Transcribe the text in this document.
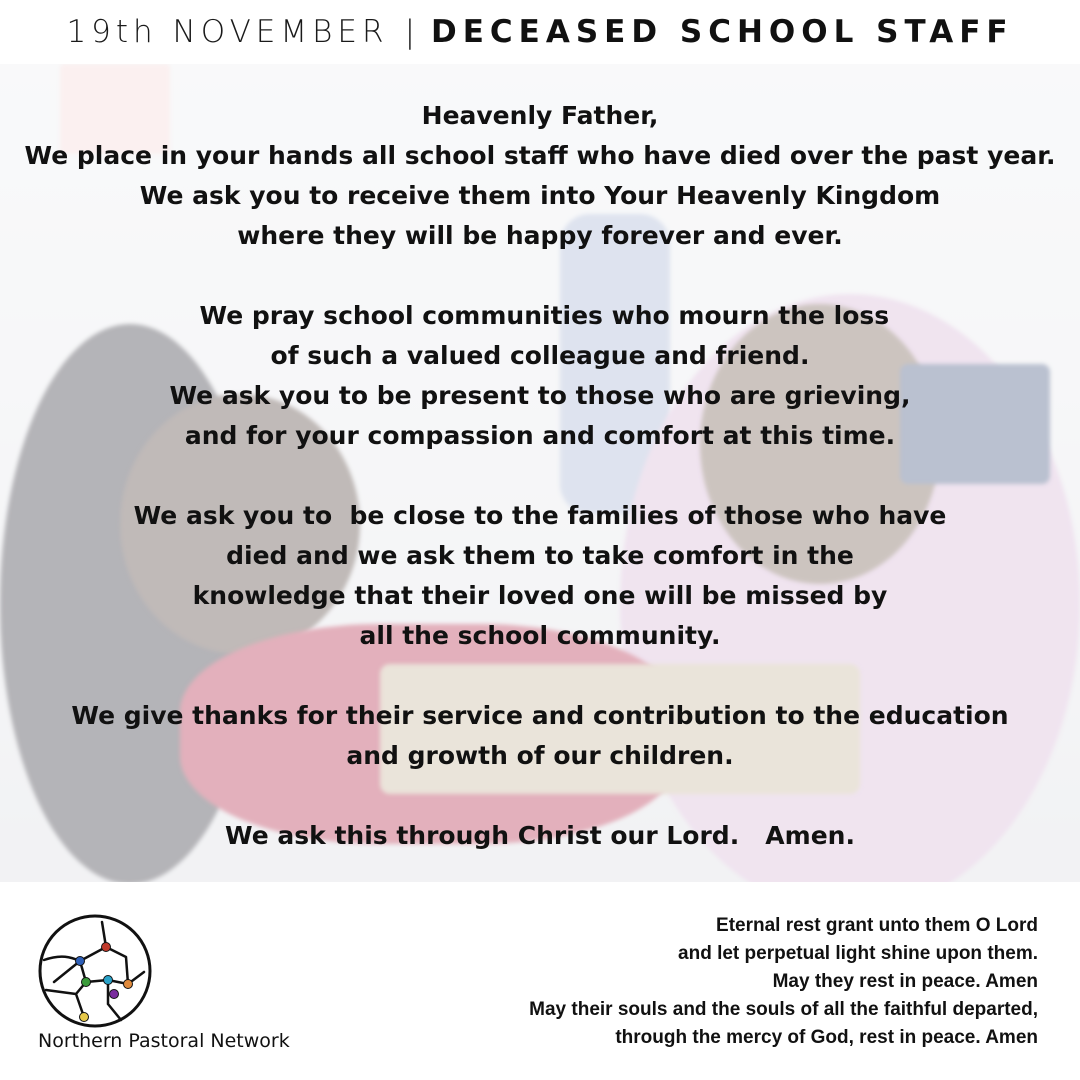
19th NOVEMBER | DECEASED SCHOOL STAFF
Heavenly Father,
We place in your hands all school staff who have died over the past year.
We ask you to receive them into Your Heavenly Kingdom
where they will be happy forever and ever.
We pray school communities who mourn the loss
of such a valued colleague and friend.
We ask you to be present to those who are grieving,
and for your compassion and comfort at this time.
We ask you to  be close to the families of those who have
died and we ask them to take comfort in the
knowledge that their loved one will be missed by
all the school community.
We give thanks for their service and contribution to the education
and growth of our children.
We ask this through Christ our Lord.   Amen.
Northern Pastoral Network
Eternal rest grant unto them O Lord
and let perpetual light shine upon them.
May they rest in peace. Amen
May their souls and the souls of all the faithful departed,
through the mercy of God, rest in peace. Amen
